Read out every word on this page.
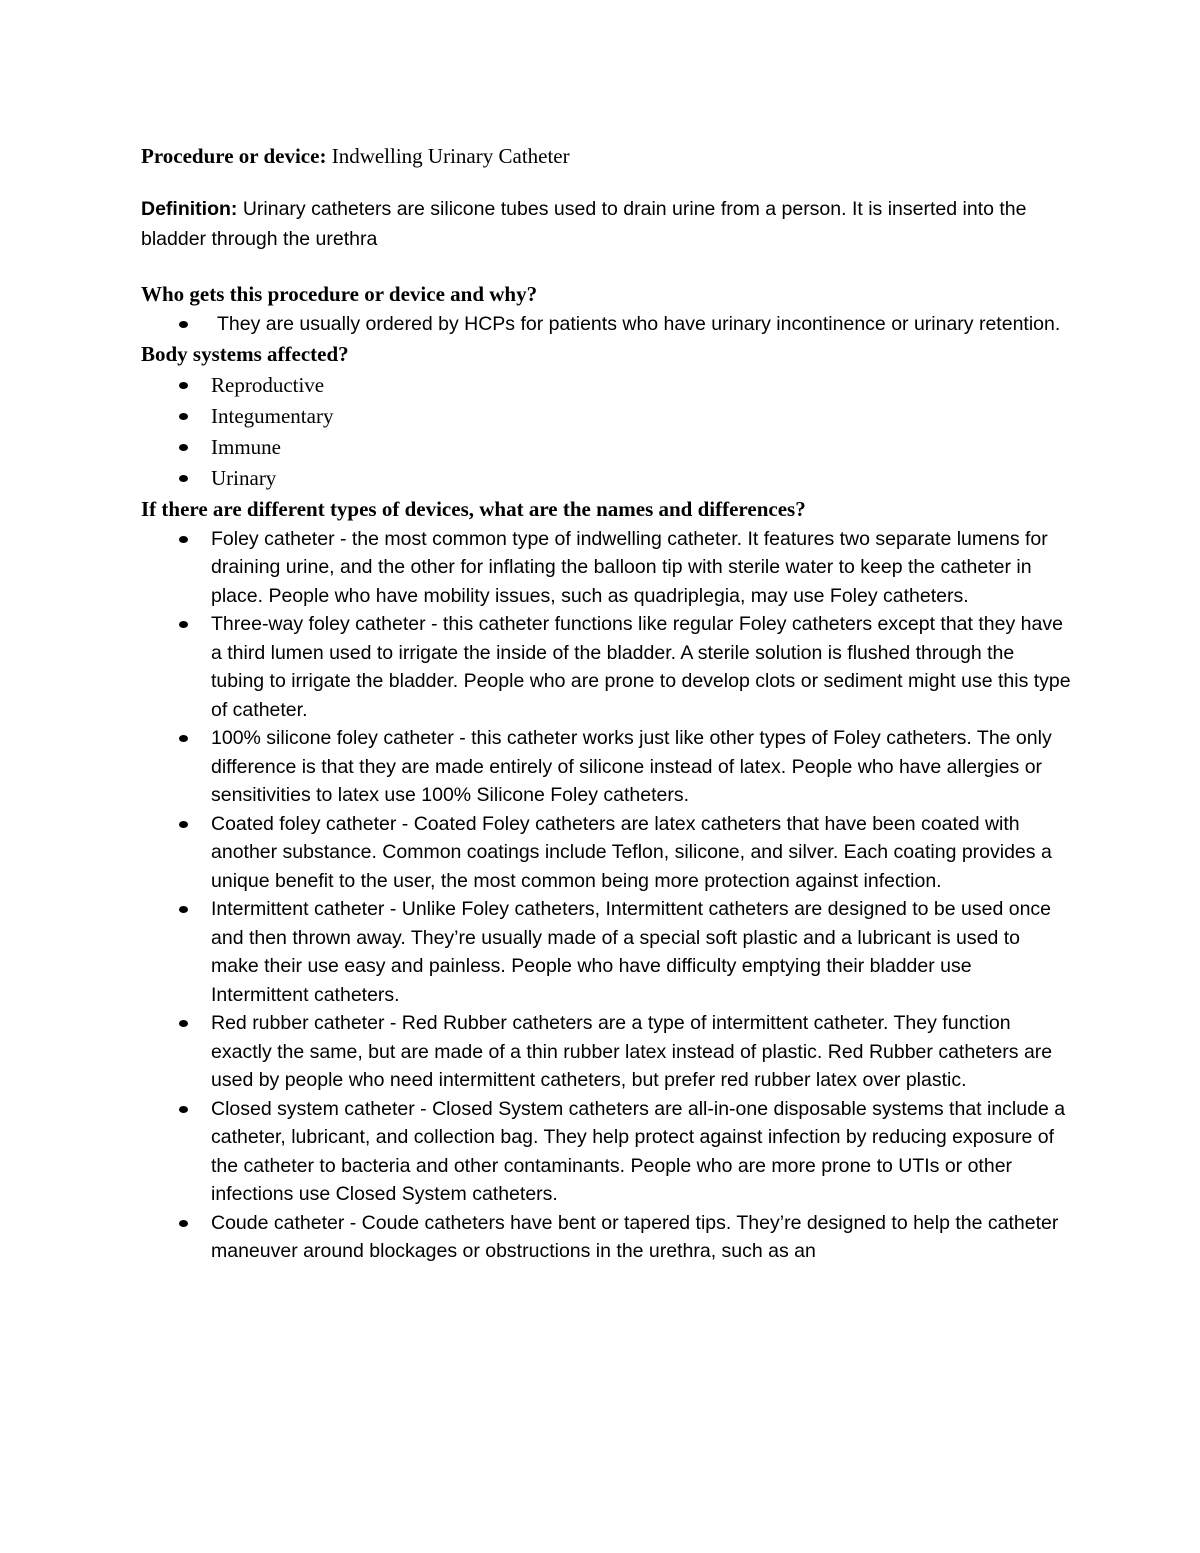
Procedure or device: Indwelling Urinary Catheter

Definition: Urinary catheters are silicone tubes used to drain urine from a person. It is inserted into the bladder through the urethra

Who gets this procedure or device and why?

They are usually ordered by HCPs for patients who have urinary incontinence or urinary retention.

Body systems affected?

Reproductive
Integumentary
Immune
Urinary

If there are different types of devices, what are the names and differences?

Foley catheter - the most common type of indwelling catheter. It features two separate lumens for draining urine, and the other for inflating the balloon tip with sterile water to keep the catheter in place. People who have mobility issues, such as quadriplegia, may use Foley catheters.
Three-way foley catheter - this catheter functions like regular Foley catheters except that they have a third lumen used to irrigate the inside of the bladder. A sterile solution is flushed through the tubing to irrigate the bladder. People who are prone to develop clots or sediment might use this type of catheter.
100% silicone foley catheter - this catheter works just like other types of Foley catheters. The only difference is that they are made entirely of silicone instead of latex. People who have allergies or sensitivities to latex use 100% Silicone Foley catheters.
Coated foley catheter - Coated Foley catheters are latex catheters that have been coated with another substance. Common coatings include Teflon, silicone, and silver. Each coating provides a unique benefit to the user, the most common being more protection against infection.
Intermittent catheter - Unlike Foley catheters, Intermittent catheters are designed to be used once and then thrown away. They’re usually made of a special soft plastic and a lubricant is used to make their use easy and painless. People who have difficulty emptying their bladder use Intermittent catheters.
Red rubber catheter - Red Rubber catheters are a type of intermittent catheter. They function exactly the same, but are made of a thin rubber latex instead of plastic. Red Rubber catheters are used by people who need intermittent catheters, but prefer red rubber latex over plastic.
Closed system catheter - Closed System catheters are all-in-one disposable systems that include a catheter, lubricant, and collection bag. They help protect against infection by reducing exposure of the catheter to bacteria and other contaminants. People who are more prone to UTIs or other infections use Closed System catheters.
Coude catheter - Coude catheters have bent or tapered tips. They’re designed to help the catheter maneuver around blockages or obstructions in the urethra, such as an
